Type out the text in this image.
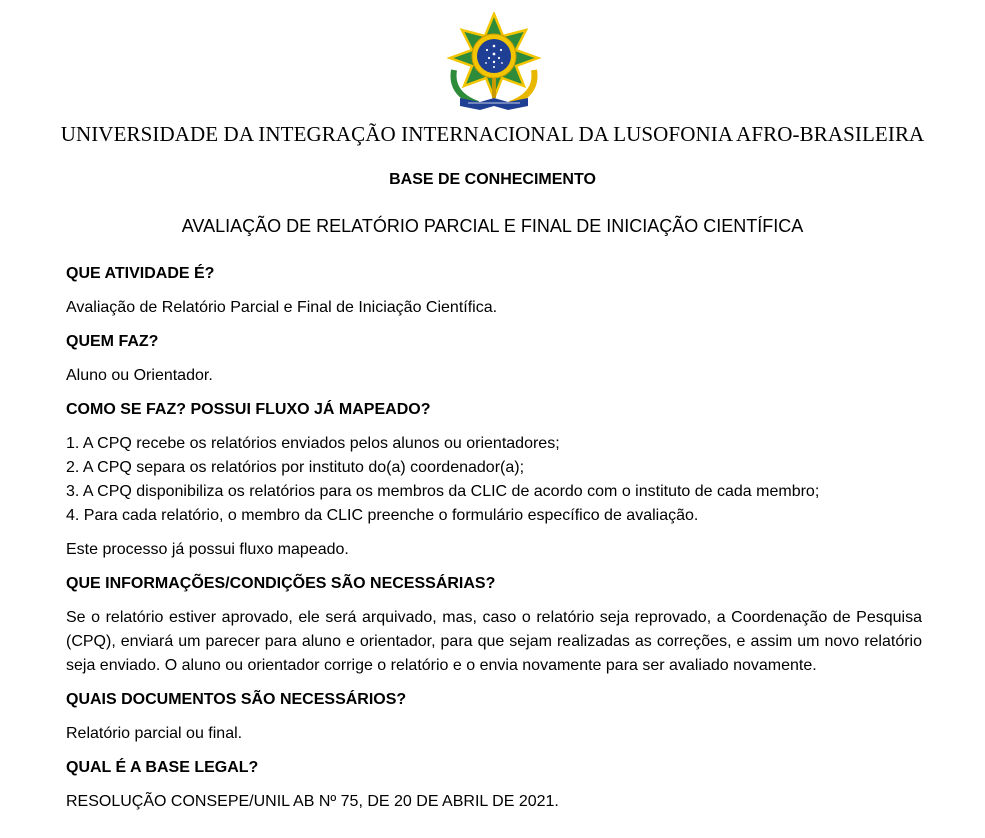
UNIVERSIDADE DA INTEGRAÇÃO INTERNACIONAL DA LUSOFONIA AFRO-BRASILEIRA
BASE DE CONHECIMENTO
AVALIAÇÃO DE RELATÓRIO PARCIAL E FINAL DE INICIAÇÃO CIENTÍFICA
QUE ATIVIDADE É?

Avaliação de Relatório Parcial e Final de Iniciação Científica.

QUEM FAZ?

Aluno ou Orientador.

COMO SE FAZ? POSSUI FLUXO JÁ MAPEADO?
1. A CPQ recebe os relatórios enviados pelos alunos ou orientadores;
2. A CPQ separa os relatórios por instituto do(a) coordenador(a);
3. A CPQ disponibiliza os relatórios para os membros da CLIC de acordo com o instituto de cada membro;
4. Para cada relatório, o membro da CLIC preenche o formulário específico de avaliação.

Este processo já possui fluxo mapeado.

QUE INFORMAÇÕES/CONDIÇÕES SÃO NECESSÁRIAS?

Se o relatório estiver aprovado, ele será arquivado, mas, caso o relatório seja reprovado, a Coordenação de Pesquisa (CPQ), enviará um parecer para aluno e orientador, para que sejam realizadas as correções, e assim um novo relatório seja enviado. O aluno ou orientador corrige o relatório e o envia novamente para ser avaliado novamente.

QUAIS DOCUMENTOS SÃO NECESSÁRIOS?

Relatório parcial ou final.

QUAL É A BASE LEGAL?

RESOLUÇÃO CONSEPE/UNIL AB Nº 75, DE 20 DE ABRIL DE 2021.
